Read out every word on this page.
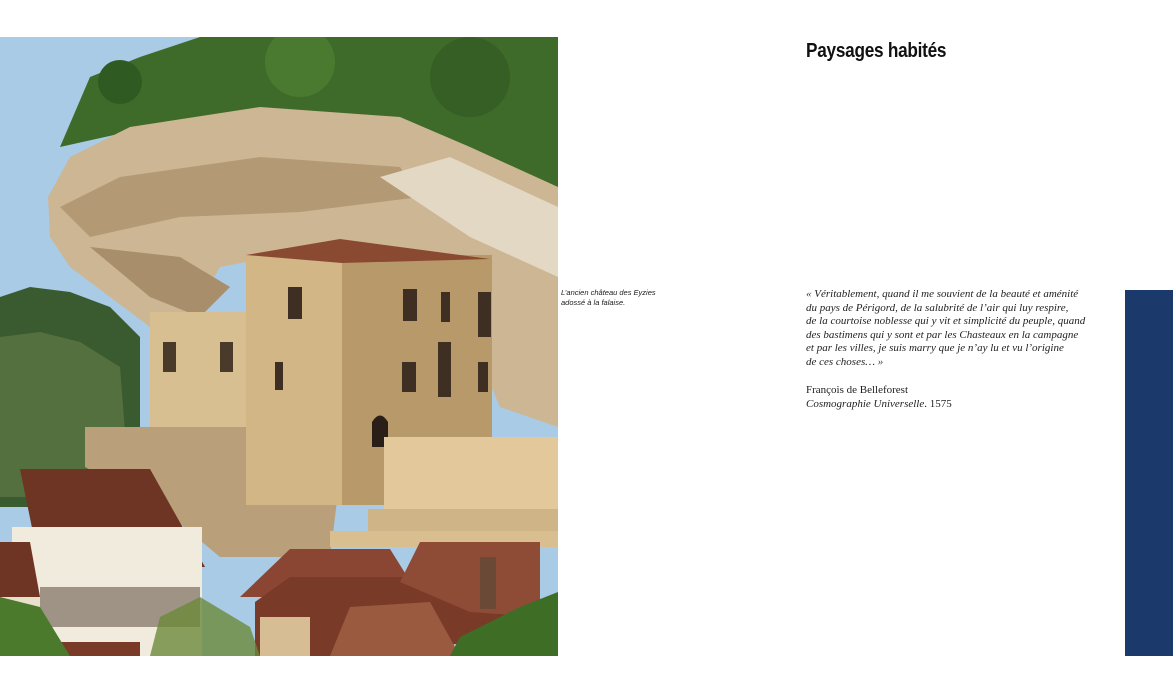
L’ancien château des Eyzies
adossé à la falaise.
Paysages habités
« Véritablement, quand il me souvient de la beauté et aménité
du pays de Périgord, de la salubrité de l’air qui luy respire,
de la courtoise noblesse qui y vit et simplicité du peuple, quand
des bastimens qui y sont et par les Chasteaux en la campagne
et par les villes, je suis marry que je n’ay lu et vu l’origine
de ces choses… »
François de Belleforest
Cosmographie Universelle. 1575
